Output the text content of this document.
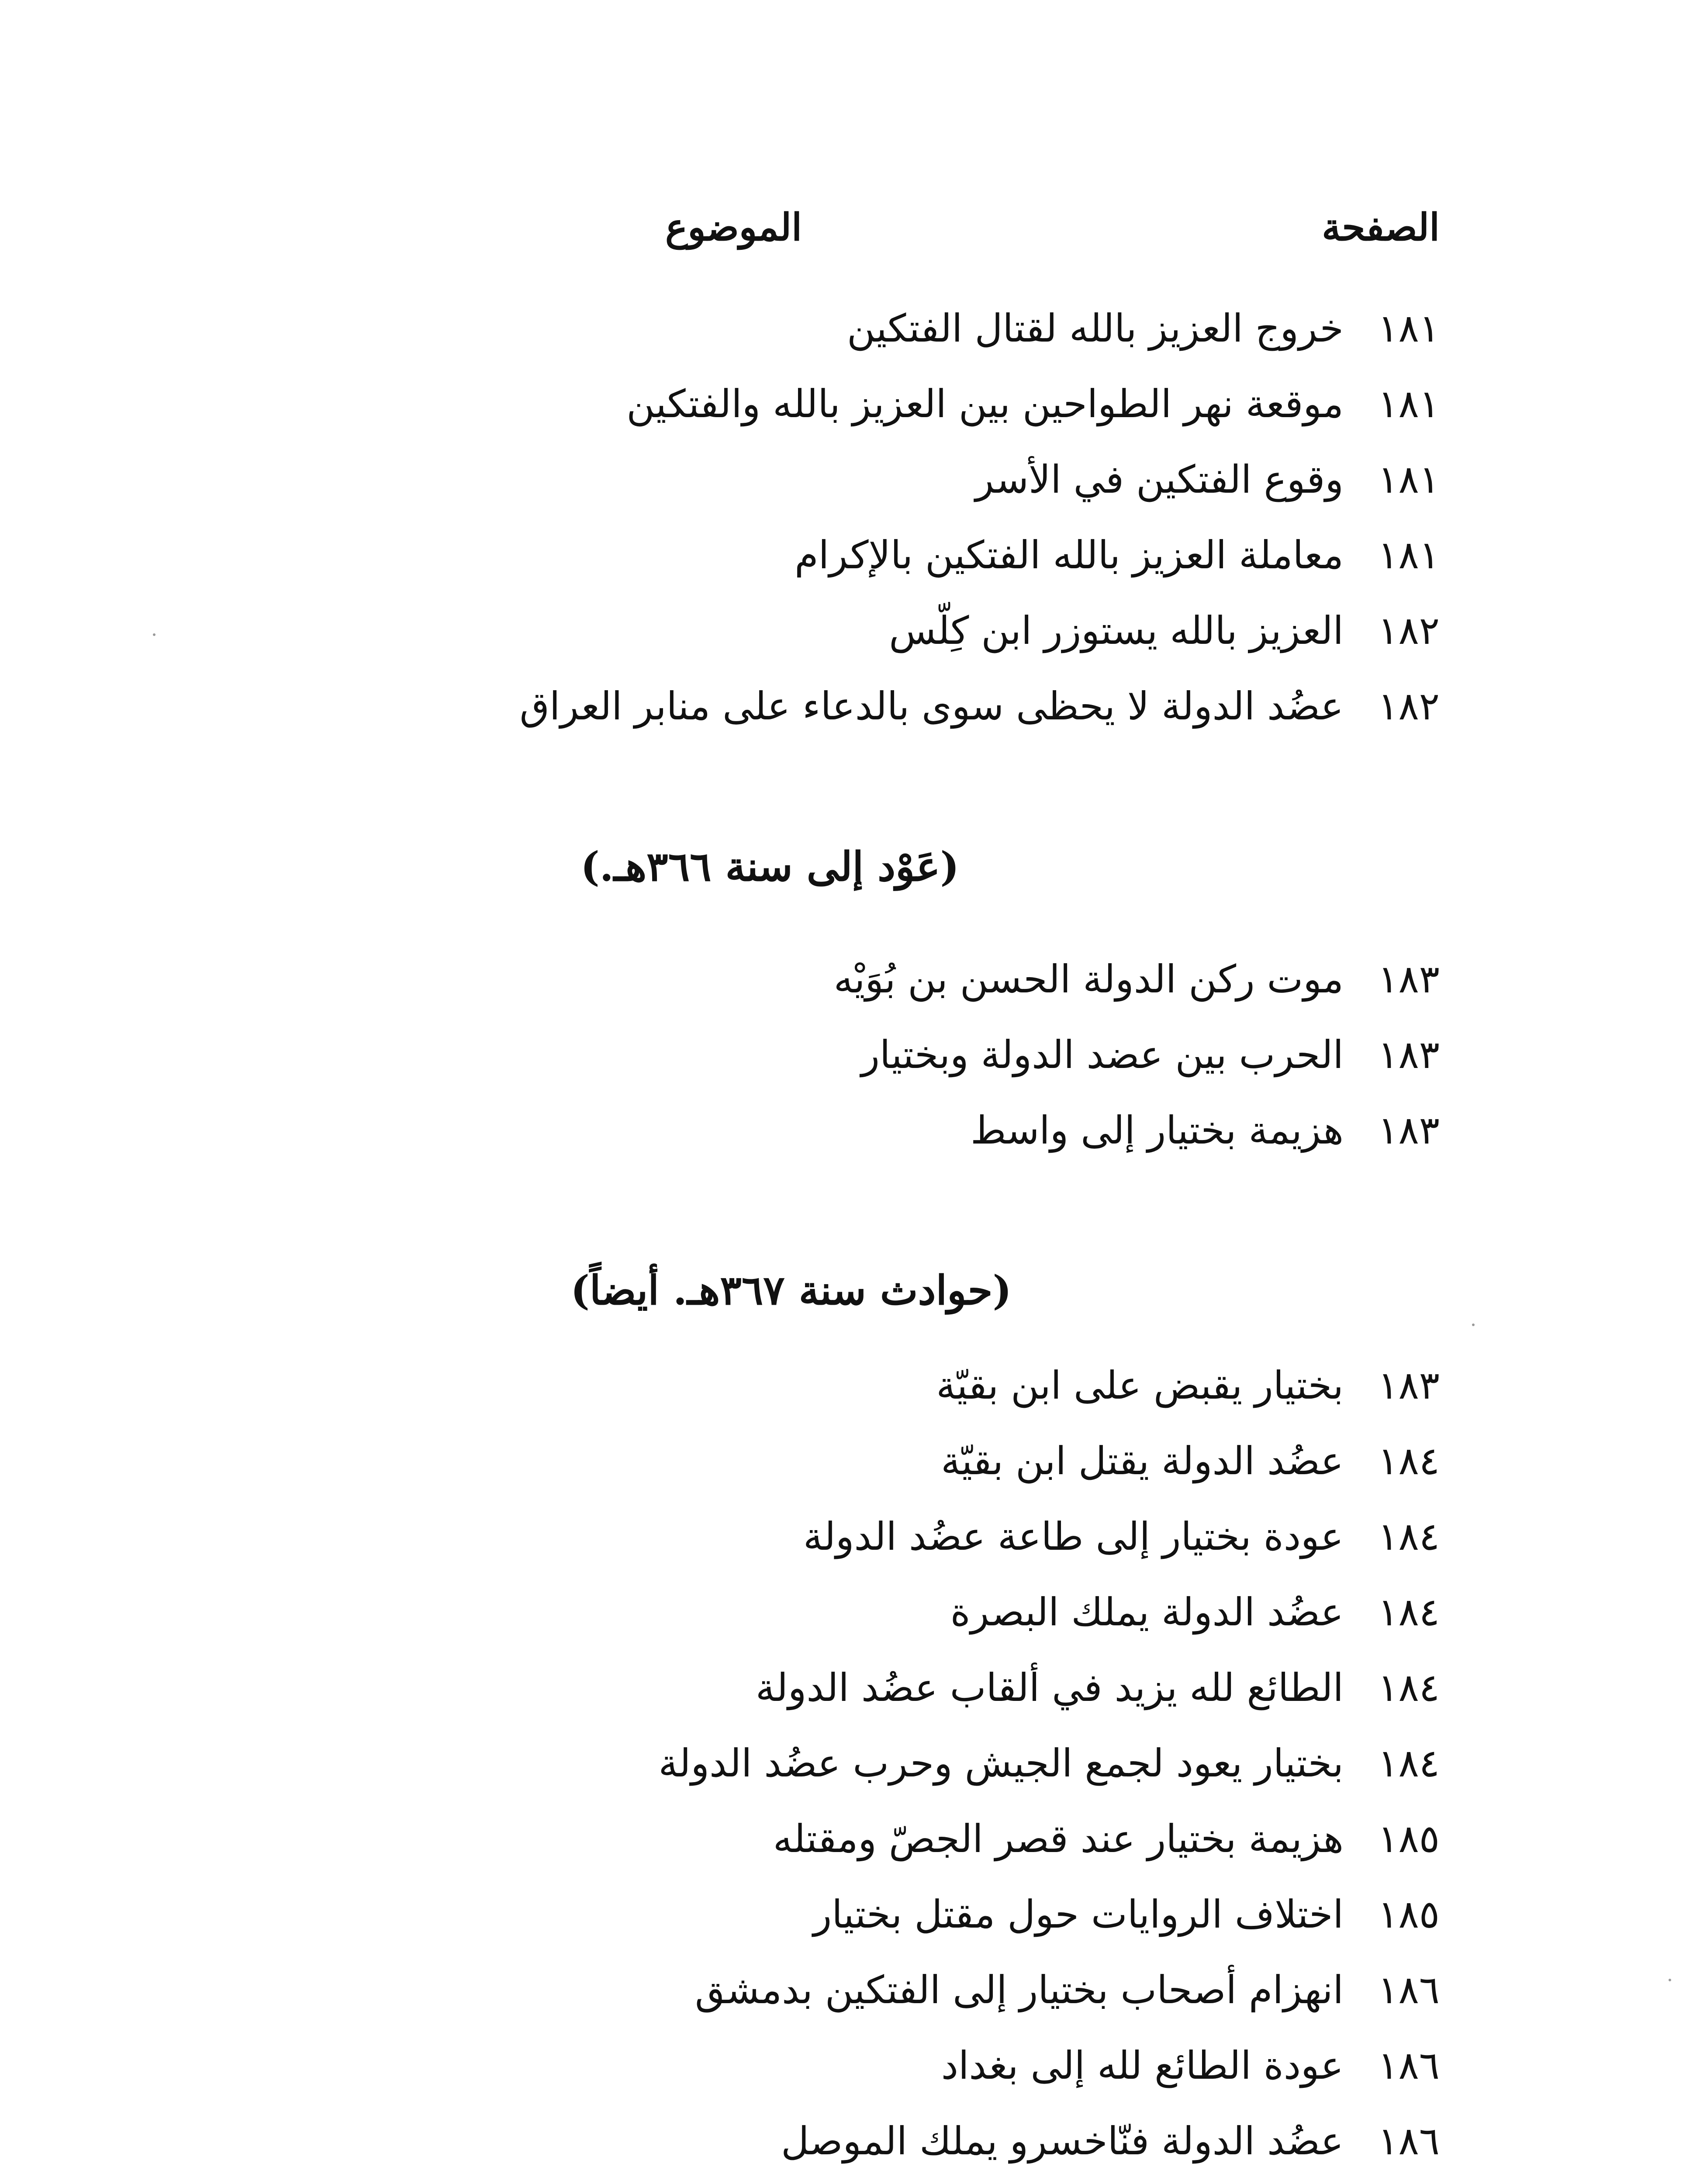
الصفحة
الموضوع
١٨١
خروج العزيز بالله لقتال الفتكين
١٨١
موقعة نهر الطواحين بين العزيز بالله والفتكين
١٨١
وقوع الفتكين في الأسر
١٨١
معاملة العزيز بالله الفتكين بالإكرام
١٨٢
العزيز بالله يستوزر ابن كِلّس
١٨٢
عضُد الدولة لا يحظى سوى بالدعاء على منابر العراق
(عَوْد إلى سنة ٣٦٦هـ.)
١٨٣
موت ركن الدولة الحسن بن بُوَيْه
١٨٣
الحرب بين عضد الدولة وبختيار
١٨٣
هزيمة بختيار إلى واسط
(حوادث سنة ٣٦٧هـ. أيضاً)
١٨٣
بختيار يقبض على ابن بقيّة
١٨٤
عضُد الدولة يقتل ابن بقيّة
١٨٤
عودة بختيار إلى طاعة عضُد الدولة
١٨٤
عضُد الدولة يملك البصرة
١٨٤
الطائع لله يزيد في ألقاب عضُد الدولة
١٨٤
بختيار يعود لجمع الجيش وحرب عضُد الدولة
١٨٥
هزيمة بختيار عند قصر الجصّ ومقتله
١٨٥
اختلاف الروايات حول مقتل بختيار
١٨٦
انهزام أصحاب بختيار إلى الفتكين بدمشق
١٨٦
عودة الطائع لله إلى بغداد
١٨٦
عضُد الدولة فنّاخسرو يملك الموصل
